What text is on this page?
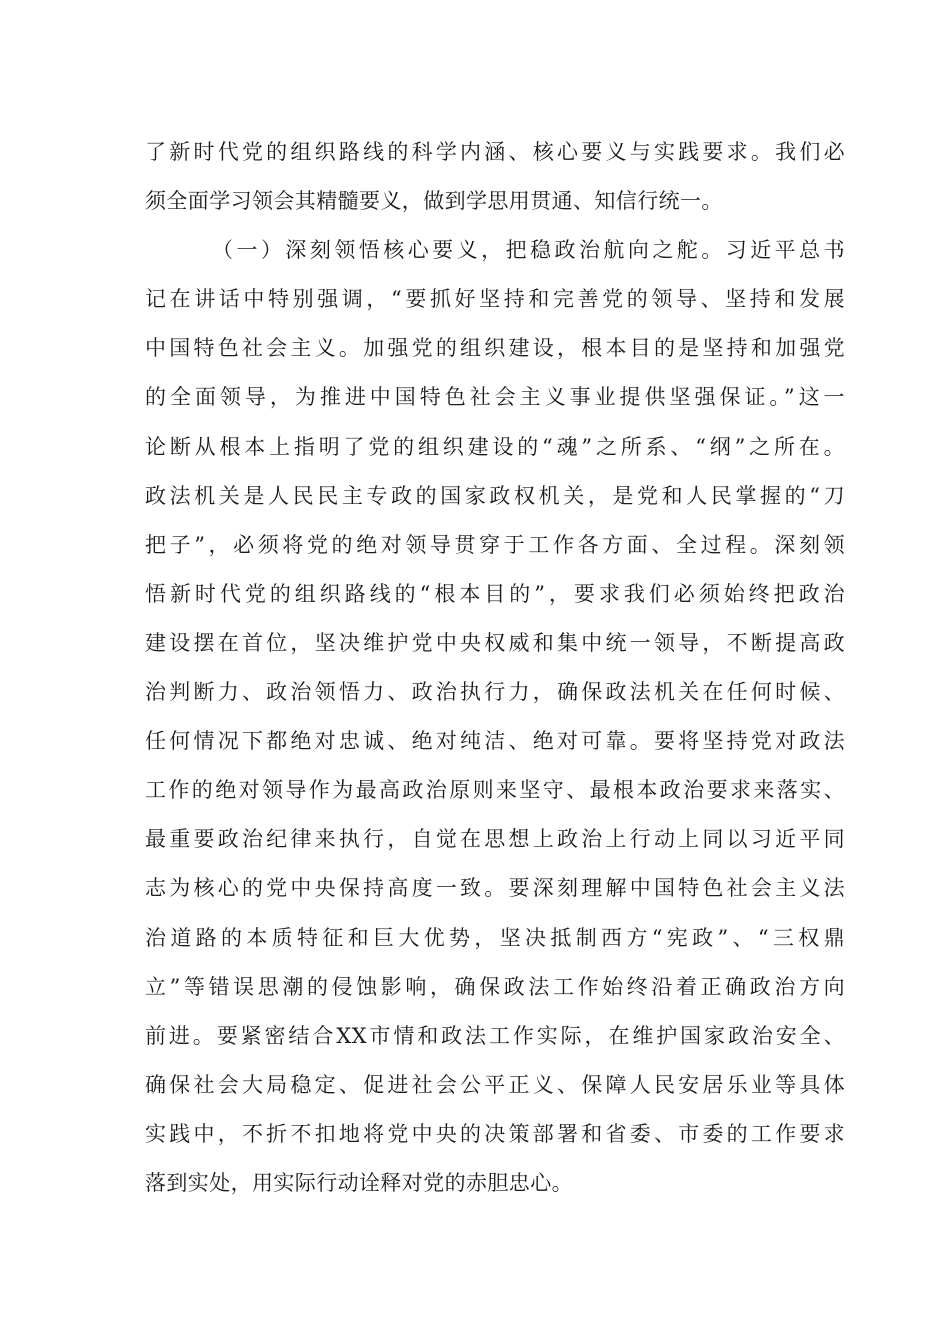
了新时代党的组织路线的科学内涵、核心要义与实践要求。我们必
须全面学习领会其精髓要义，做到学思用贯通、知信行统一。
（一）深刻领悟核心要义，把稳政治航向之舵。习近平总书
记在讲话中特别强调，“要抓好坚持和完善党的领导、坚持和发展
中国特色社会主义。加强党的组织建设，根本目的是坚持和加强党
的全面领导，为推进中国特色社会主义事业提供坚强保证。”这一
论断从根本上指明了党的组织建设的“魂”之所系、“纲”之所在。
政法机关是人民民主专政的国家政权机关，是党和人民掌握的“刀
把子”，必须将党的绝对领导贯穿于工作各方面、全过程。深刻领
悟新时代党的组织路线的“根本目的”，要求我们必须始终把政治
建设摆在首位，坚决维护党中央权威和集中统一领导，不断提高政
治判断力、政治领悟力、政治执行力，确保政法机关在任何时候、
任何情况下都绝对忠诚、绝对纯洁、绝对可靠。要将坚持党对政法
工作的绝对领导作为最高政治原则来坚守、最根本政治要求来落实、
最重要政治纪律来执行，自觉在思想上政治上行动上同以习近平同
志为核心的党中央保持高度一致。要深刻理解中国特色社会主义法
治道路的本质特征和巨大优势，坚决抵制西方“宪政”、“三权鼎
立”等错误思潮的侵蚀影响，确保政法工作始终沿着正确政治方向
前进。要紧密结合XX市情和政法工作实际，在维护国家政治安全、
确保社会大局稳定、促进社会公平正义、保障人民安居乐业等具体
实践中，不折不扣地将党中央的决策部署和省委、市委的工作要求
落到实处，用实际行动诠释对党的赤胆忠心。
